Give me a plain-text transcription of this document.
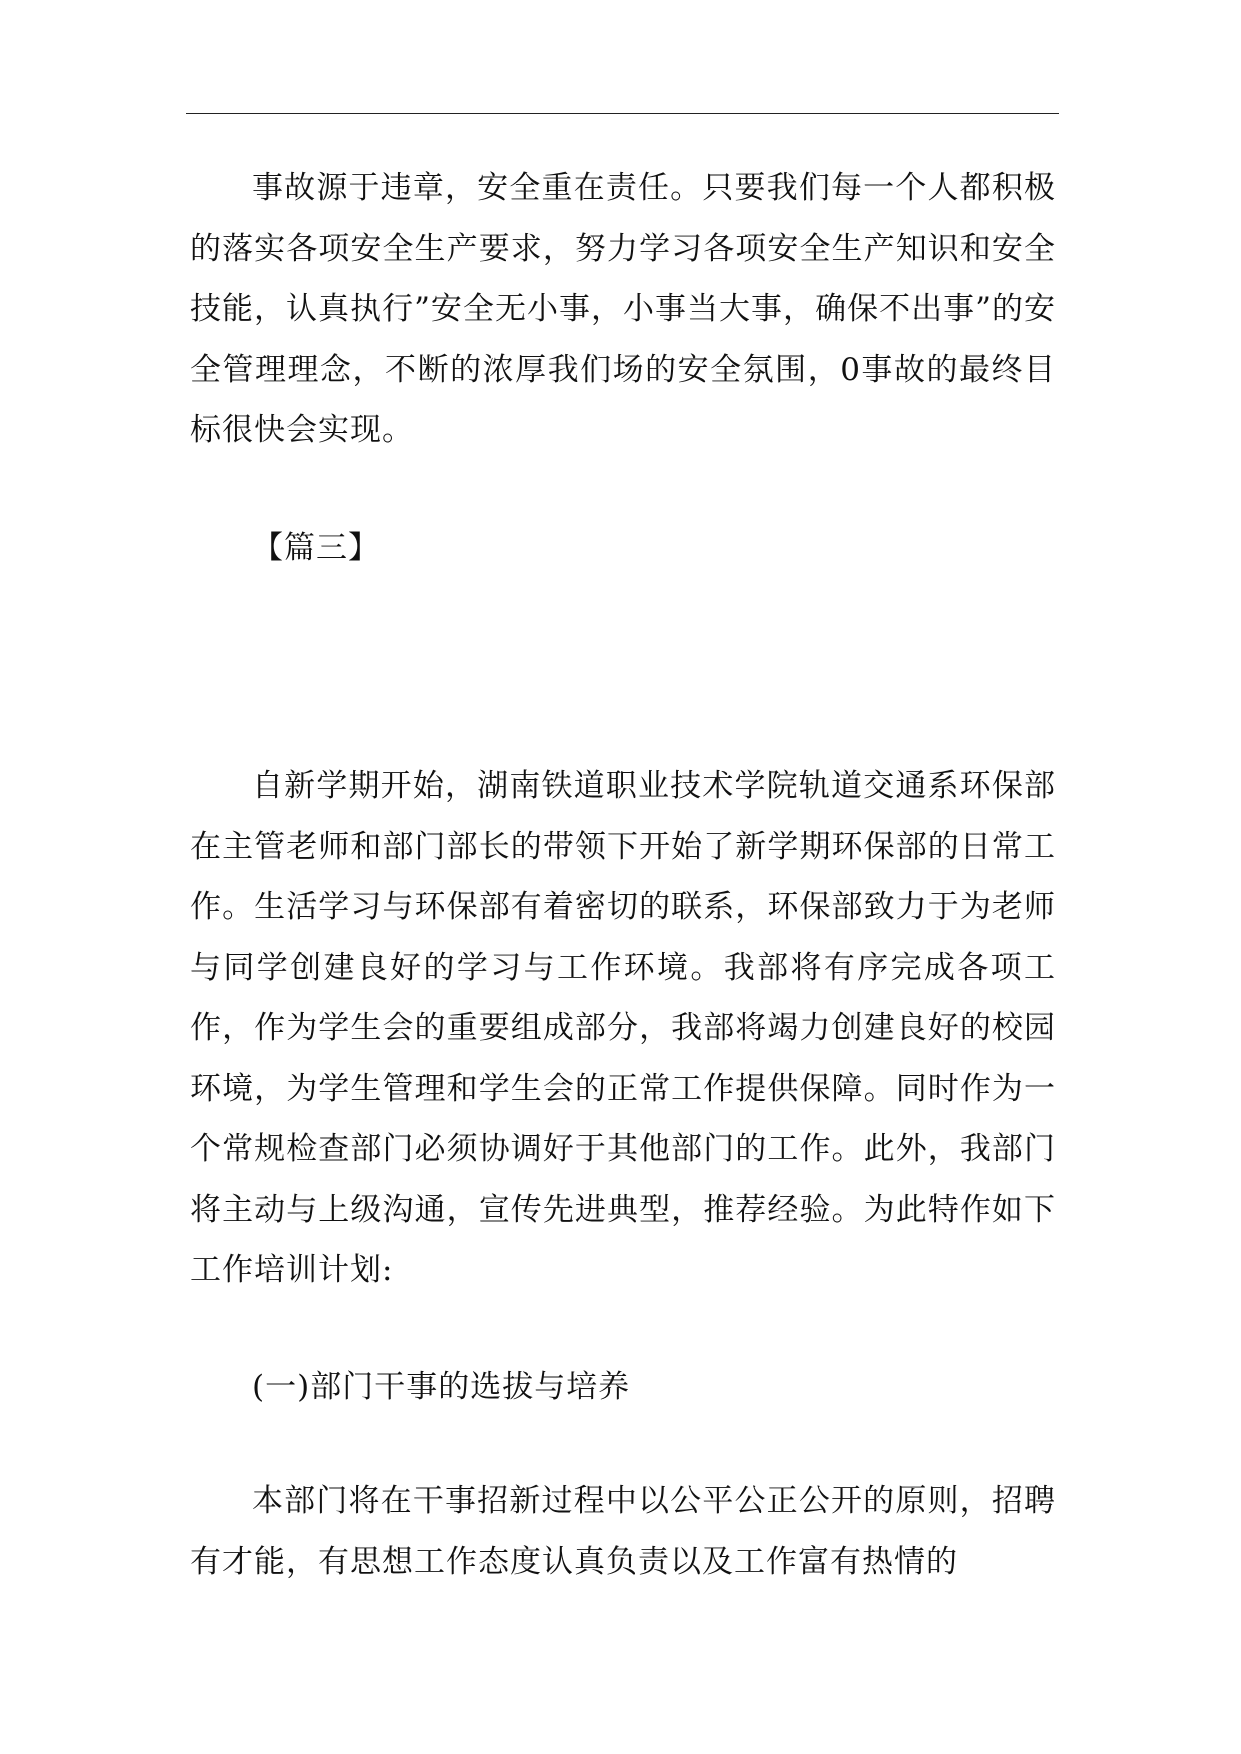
事故源于违章，安全重在责任。只要我们每一个人都积极的落实各项安全生产要求，努力学习各项安全生产知识和安全技能，认真执行”安全无小事，小事当大事，确保不出事”的安全管理理念，不断的浓厚我们场的安全氛围，0事故的最终目标很快会实现。

【篇三】

自新学期开始，湖南铁道职业技术学院轨道交通系环保部在主管老师和部门部长的带领下开始了新学期环保部的日常工作。生活学习与环保部有着密切的联系，环保部致力于为老师与同学创建良好的学习与工作环境。我部将有序完成各项工作，作为学生会的重要组成部分，我部将竭力创建良好的校园环境，为学生管理和学生会的正常工作提供保障。同时作为一个常规检查部门必须协调好于其他部门的工作。此外，我部门将主动与上级沟通，宣传先进典型，推荐经验。为此特作如下工作培训计划:

(一)部门干事的选拔与培养

本部门将在干事招新过程中以公平公正公开的原则，招聘有才能，有思想工作态度认真负责以及工作富有热情的
